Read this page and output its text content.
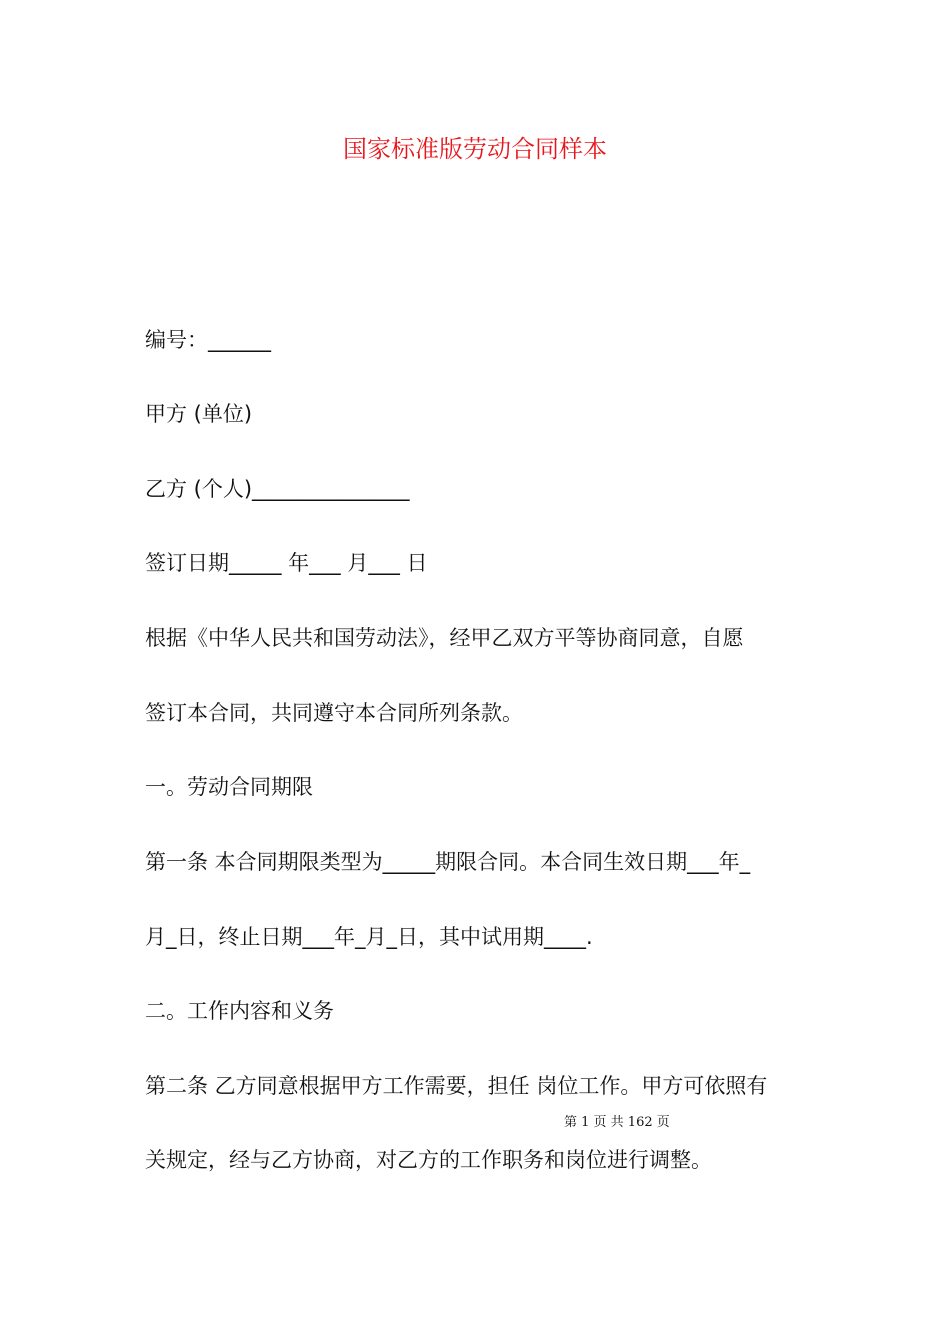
国家标准版劳动合同样本

编号：______

甲方 (单位)

乙方 (个人)_______________

签订日期_____ 年___ 月___ 日

根据《中华人民共和国劳动法》，经甲乙双方平等协商同意，自愿

签订本合同，共同遵守本合同所列条款。

一。劳动合同期限

第一条 本合同期限类型为_____期限合同。本合同生效日期___年_

月_日，终止日期___年_月_日，其中试用期____.

二。工作内容和义务

第二条 乙方同意根据甲方工作需要，担任 岗位工作。甲方可依照有

关规定，经与乙方协商，对乙方的工作职务和岗位进行调整。

第 1 页 共 162 页
